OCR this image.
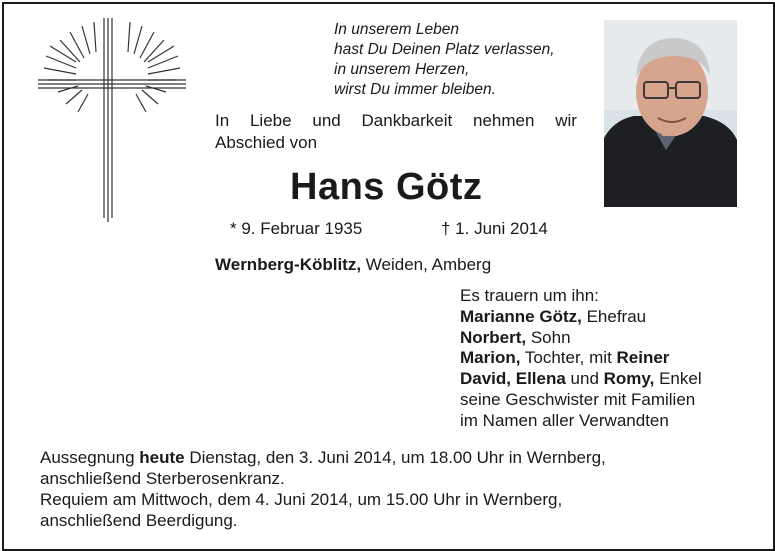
In unserem Leben
hast Du Deinen Platz verlassen,
in unserem Herzen,
wirst Du immer bleiben.
In Liebe und Dankbarkeit nehmen wir
Abschied von
Hans Götz
* 9. Februar 1935	† 1. Juni 2014
Wernberg-Köblitz, Weiden, Amberg
Es trauern um ihn:
Marianne Götz, Ehefrau
Norbert, Sohn
Marion, Tochter, mit Reiner
David, Ellena und Romy, Enkel
seine Geschwister mit Familien
im Namen aller Verwandten
Aussegnung heute Dienstag, den 3. Juni 2014, um 18.00 Uhr in Wernberg,
anschließend Sterberosenkranz.
Requiem am Mittwoch, dem 4. Juni 2014, um 15.00 Uhr in Wernberg,
anschließend Beerdigung.
